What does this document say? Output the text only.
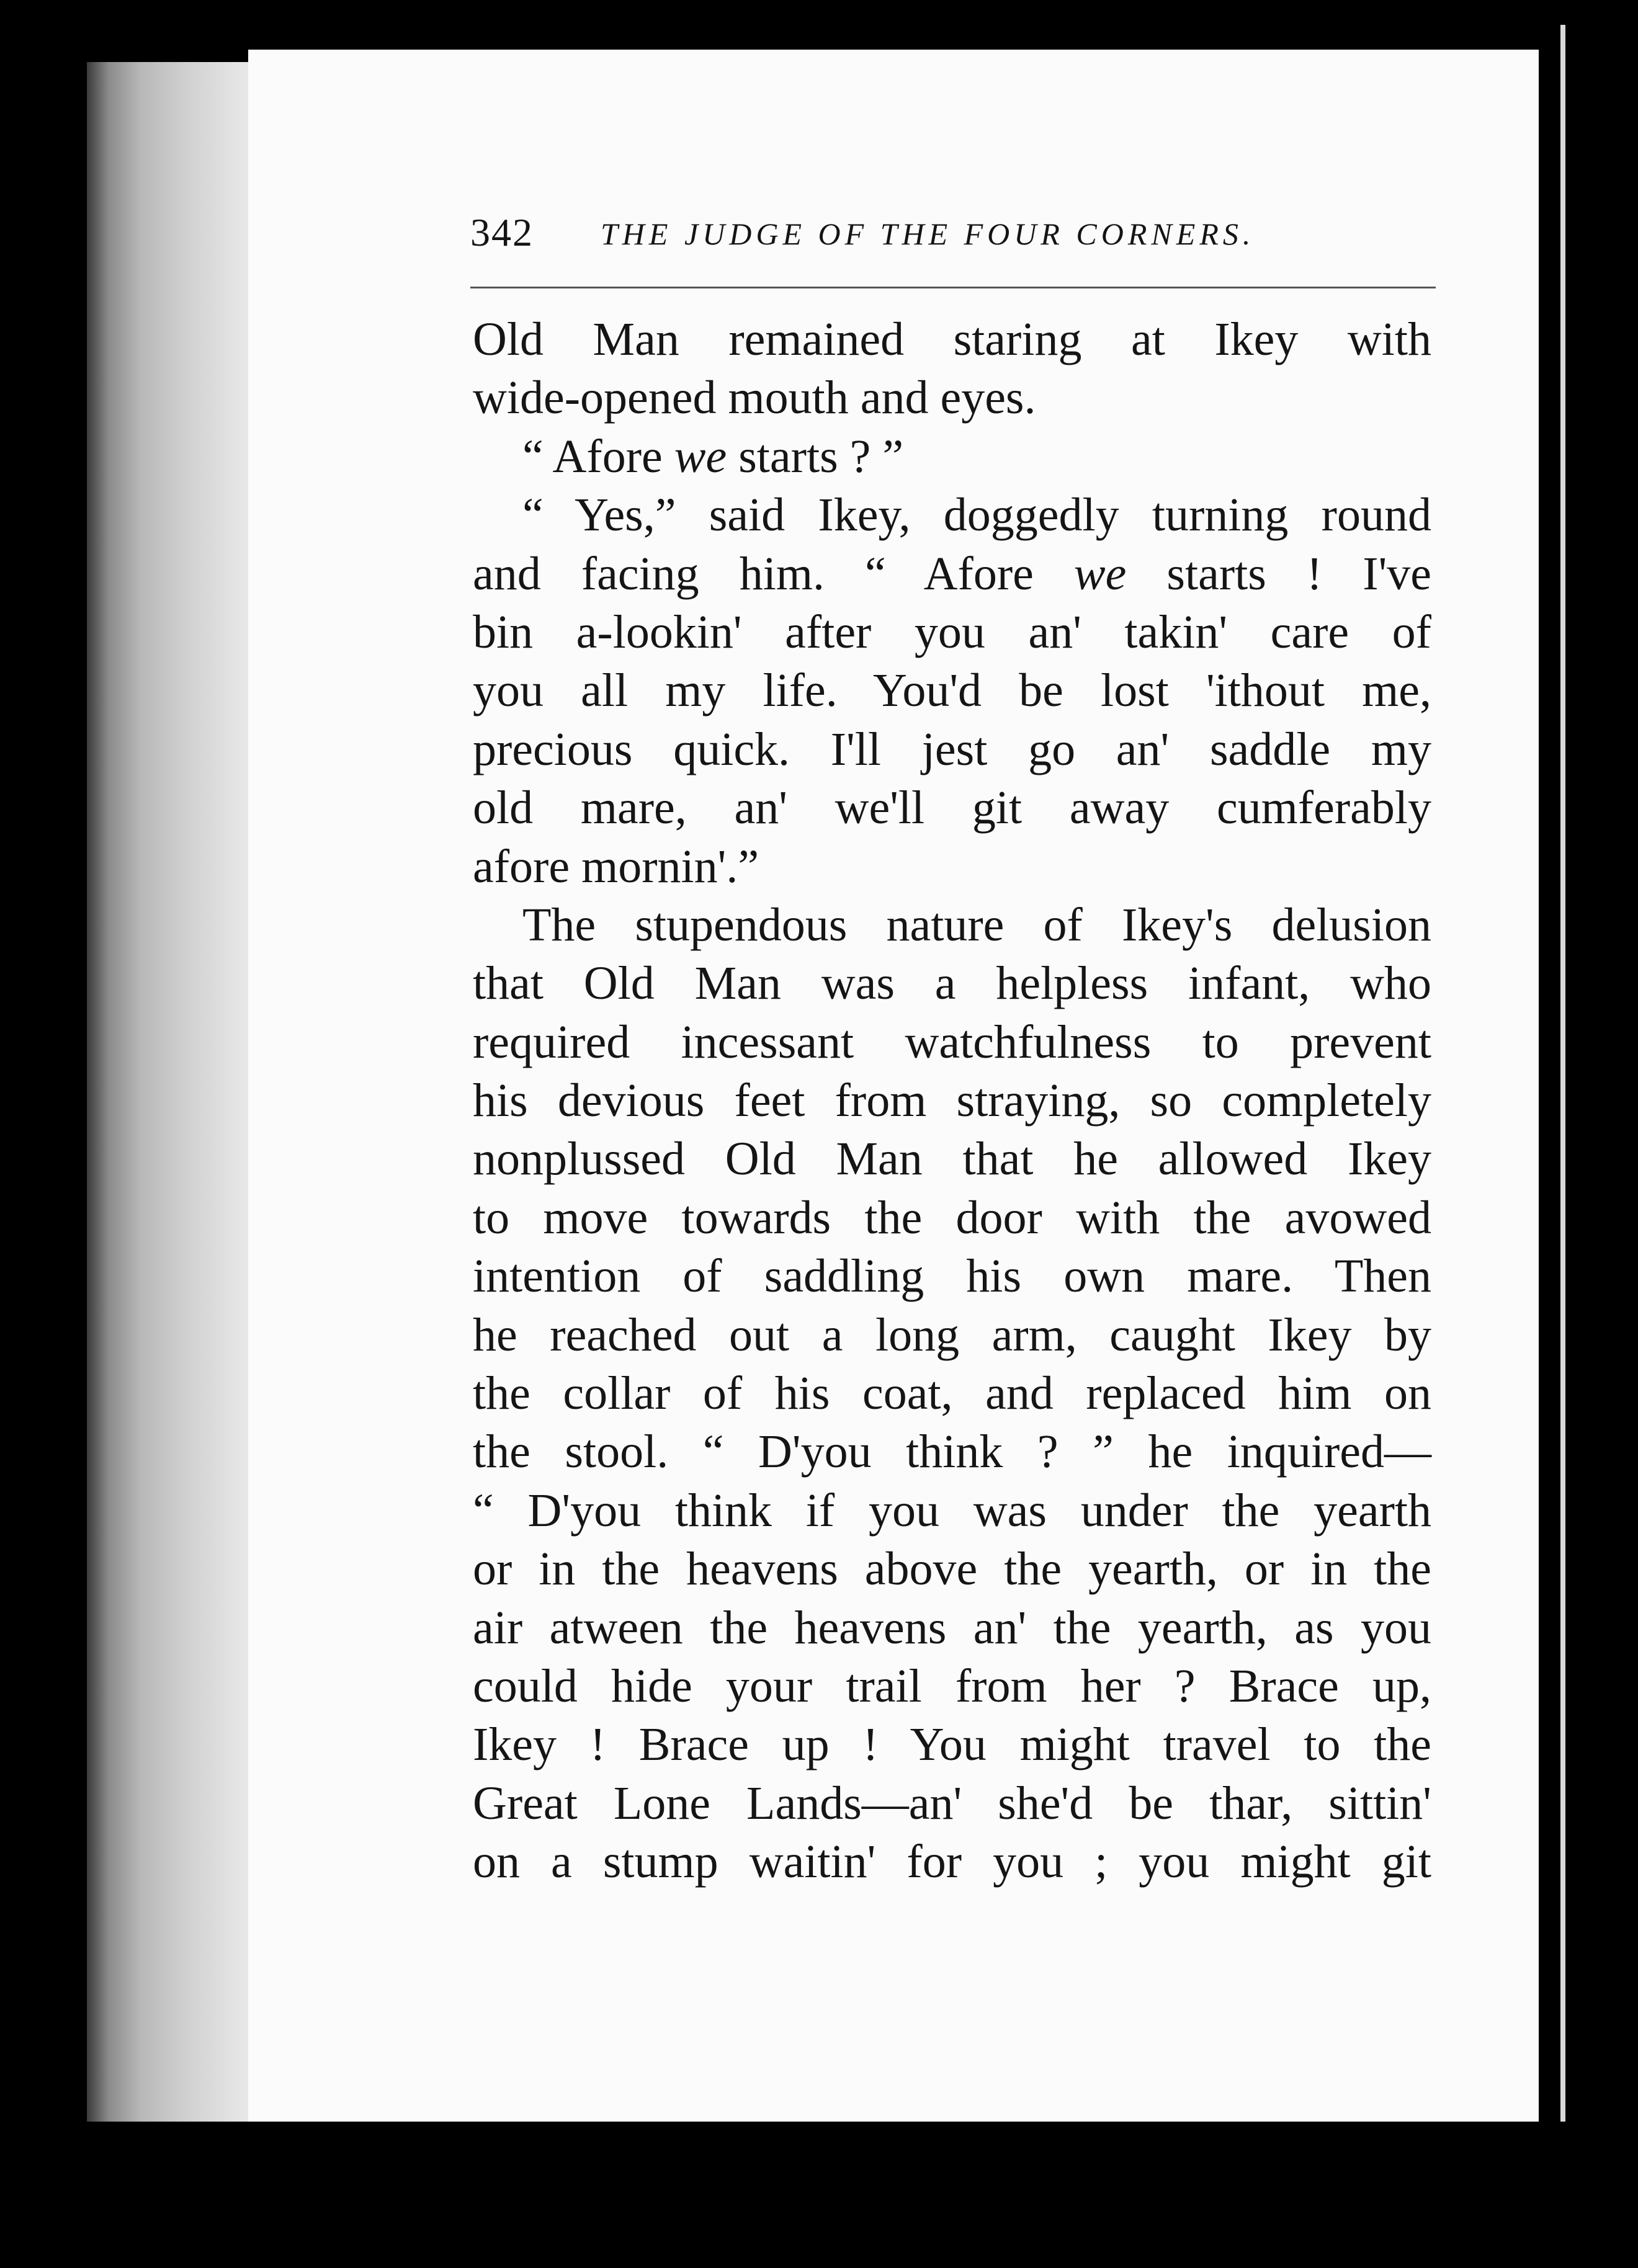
342 THE JUDGE OF THE FOUR CORNERS.
Old Man remained staring at Ikey with
wide-opened mouth and eyes.
“ Afore we starts ? ”
“ Yes,” said Ikey, doggedly turning round
and facing him. “ Afore we starts ! I've
bin a-lookin' after you an' takin' care of
you all my life. You'd be lost 'ithout me,
precious quick. I'll jest go an' saddle my
old mare, an' we'll git away cumferably
afore mornin'.”
The stupendous nature of Ikey's delusion
that Old Man was a helpless infant, who
required incessant watchfulness to prevent
his devious feet from straying, so completely
nonplussed Old Man that he allowed Ikey
to move towards the door with the avowed
intention of saddling his own mare. Then
he reached out a long arm, caught Ikey by
the collar of his coat, and replaced him on
the stool. “ D'you think ? ” he inquired—
“ D'you think if you was under the yearth
or in the heavens above the yearth, or in the
air atween the heavens an' the yearth, as you
could hide your trail from her ? Brace up,
Ikey ! Brace up ! You might travel to the
Great Lone Lands—an' she'd be thar, sittin'
on a stump waitin' for you ; you might git
